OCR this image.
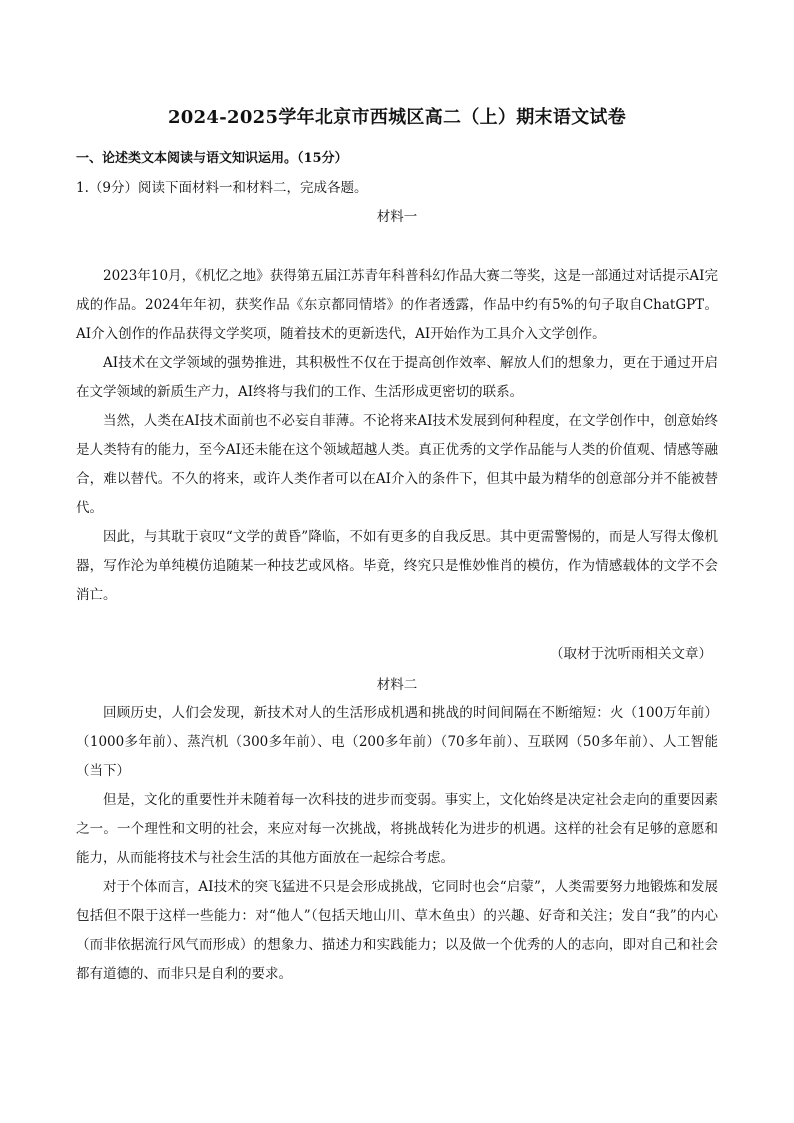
2024-2025学年北京市西城区高二（上）期末语文试卷
一、论述类文本阅读与语文知识运用。（15分）
1.（9分）阅读下面材料一和材料二，完成各题。
材料一

2023年10月，《机忆之地》获得第五届江苏青年科普科幻作品大赛二等奖，这是一部通过对话提示AI完成的作品。2024年年初，获奖作品《东京都同情塔》的作者透露，作品中约有5%的句子取自ChatGPT。AI介入创作的作品获得文学奖项，随着技术的更新迭代，AI开始作为工具介入文学创作。

AI技术在文学领域的强势推进，其积极性不仅在于提高创作效率、解放人们的想象力，更在于通过开启在文学领域的新质生产力，AI终将与我们的工作、生活形成更密切的联系。

当然，人类在AI技术面前也不必妄自菲薄。不论将来AI技术发展到何种程度，在文学创作中，创意始终是人类特有的能力，至今AI还未能在这个领域超越人类。真正优秀的文学作品能与人类的价值观、情感等融合，难以替代。不久的将来，或许人类作者可以在AI介入的条件下，但其中最为精华的创意部分并不能被替代。

因此，与其耽于哀叹“文学的黄昏”降临，不如有更多的自我反思。其中更需警惕的，而是人写得太像机器，写作沦为单纯模仿追随某一种技艺或风格。毕竟，终究只是惟妙惟肖的模仿，作为情感载体的文学不会消亡。

（取材于沈听雨相关文章）
材料二

回顾历史，人们会发现，新技术对人的生活形成机遇和挑战的时间间隔在不断缩短：火（100万年前）（1000多年前）、蒸汽机（300多年前）、电（200多年前）（70多年前）、互联网（50多年前）、人工智能（当下）

但是，文化的重要性并未随着每一次科技的进步而变弱。事实上，文化始终是决定社会走向的重要因素之一。一个理性和文明的社会，来应对每一次挑战，将挑战转化为进步的机遇。这样的社会有足够的意愿和能力，从而能将技术与社会生活的其他方面放在一起综合考虑。

对于个体而言，AI技术的突飞猛进不只是会形成挑战，它同时也会“启蒙”，人类需要努力地锻炼和发展包括但不限于这样一些能力：对“他人”（包括天地山川、草木鱼虫）的兴趣、好奇和关注；发自“我”的内心（而非依据流行风气而形成）的想象力、描述力和实践能力；以及做一个优秀的人的志向，即对自己和社会都有道德的、而非只是自利的要求。
